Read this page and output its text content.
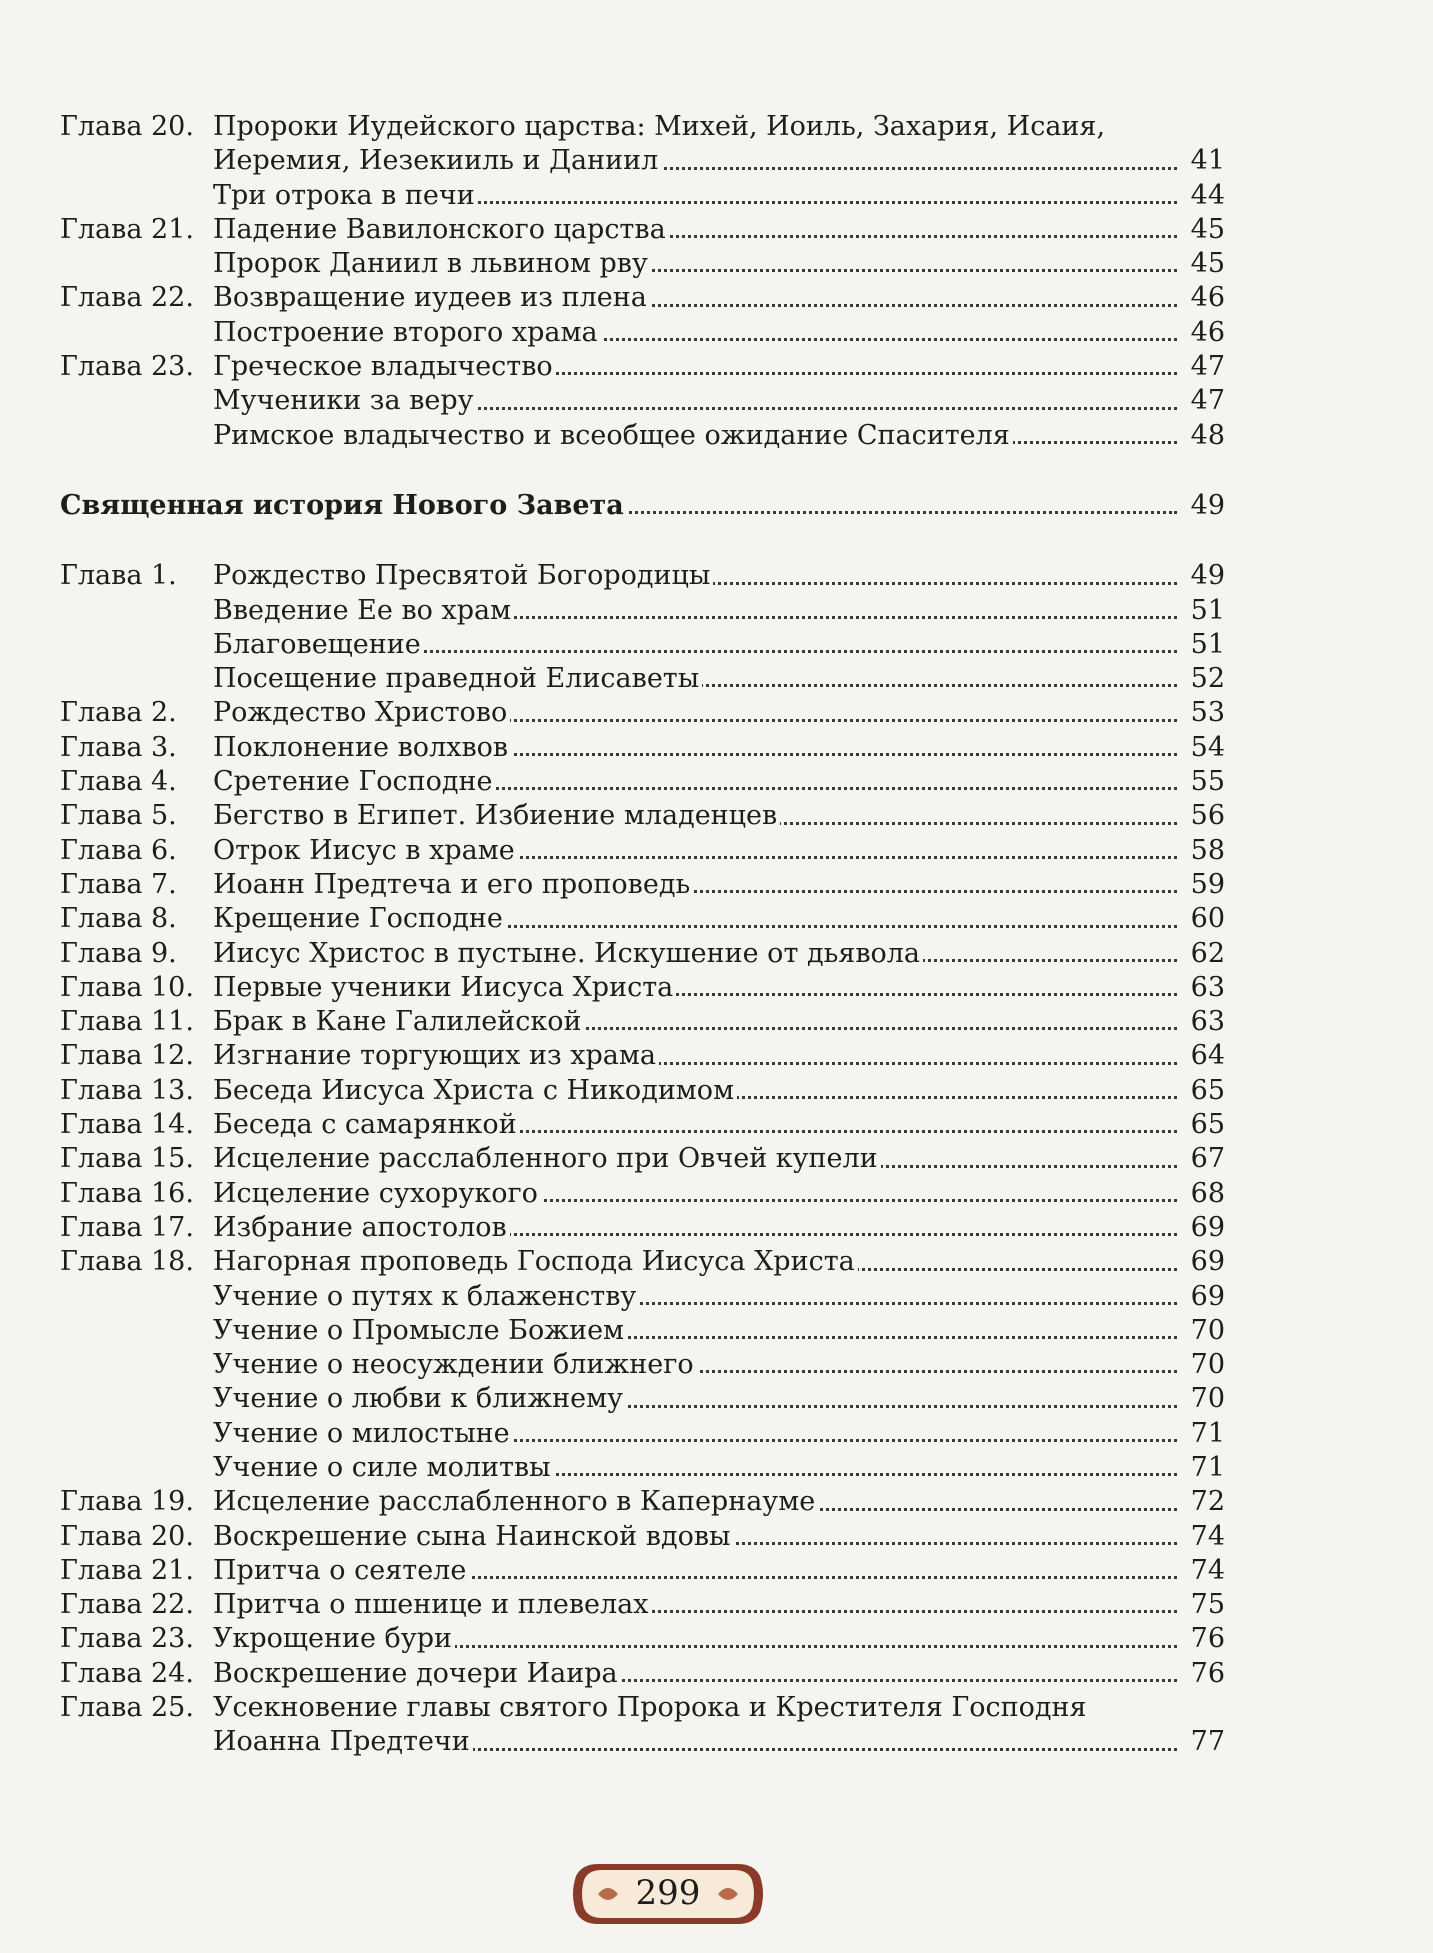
Глава 20. Пророки Иудейского царства: Михей, Иоиль, Захария, Исаия,
Иеремия, Иезекииль и Даниил	41
Три отрока в печи	44
Глава 21. Падение Вавилонского царства	45
Пророк Даниил в львином рву	45
Глава 22. Возвращение иудеев из плена	46
Построение второго храма	46
Глава 23. Греческое владычество	47
Мученики за веру	47
Римское владычество и всеобщее ожидание Спасителя	48
Священная история Нового Завета	49
Глава 1. Рождество Пресвятой Богородицы	49
Введение Ее во храм	51
Благовещение	51
Посещение праведной Елисаветы	52
Глава 2. Рождество Христово	53
Глава 3. Поклонение волхвов	54
Глава 4. Сретение Господне	55
Глава 5. Бегство в Египет. Избиение младенцев	56
Глава 6. Отрок Иисус в храме	58
Глава 7. Иоанн Предтеча и его проповедь	59
Глава 8. Крещение Господне	60
Глава 9. Иисус Христос в пустыне. Искушение от дьявола	62
Глава 10. Первые ученики Иисуса Христа	63
Глава 11. Брак в Кане Галилейской	63
Глава 12. Изгнание торгующих из храма	64
Глава 13. Беседа Иисуса Христа с Никодимом	65
Глава 14. Беседа с самарянкой	65
Глава 15. Исцеление расслабленного при Овчей купели	67
Глава 16. Исцеление сухорукого	68
Глава 17. Избрание апостолов	69
Глава 18. Нагорная проповедь Господа Иисуса Христа	69
Учение о путях к блаженству	69
Учение о Промысле Божием	70
Учение о неосуждении ближнего	70
Учение о любви к ближнему	70
Учение о милостыне	71
Учение о силе молитвы	71
Глава 19. Исцеление расслабленного в Капернауме	72
Глава 20. Воскрешение сына Наинской вдовы	74
Глава 21. Притча о сеятеле	74
Глава 22. Притча о пшенице и плевелах	75
Глава 23. Укрощение бури	76
Глава 24. Воскрешение дочери Иаира	76
Глава 25. Усекновение главы святого Пророка и Крестителя Господня
Иоанна Предтечи	77
299
